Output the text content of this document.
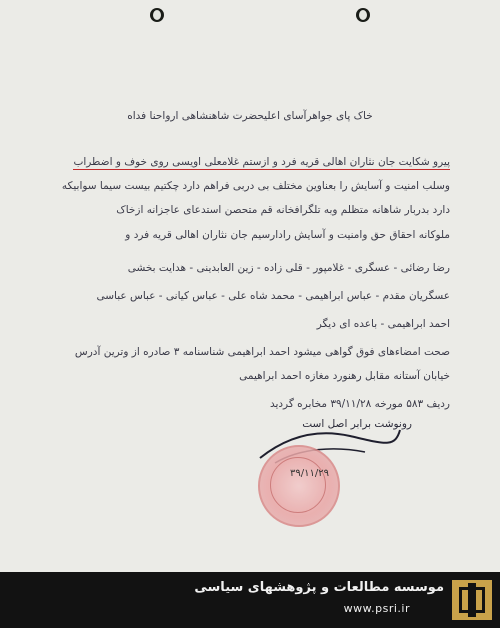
خاک پای جواهرآسای اعلیحضرت شاهنشاهی ارواحنا فداه
پیرو شکایت جان نثاران اهالی قریه فرد و ازستم غلامعلی اویسی روی خوف و اضطراب
وسلب امنیت و آسایش را بعناوین مختلف بی دربی فراهم دارد چکتیم بیست سیما سوابیکه
دارد بدربار شاهانه متظلم وبه تلگرافخانه قم متحصن استدعای عاجزانه ازخاک
ملوکانه احقاق حق وامنیت و آسایش رادارسیم جان نثاران اهالی قریه فرد و
رضا رضائی - عسگری - غلامپور - قلی زاده - زین العابدینی - هدایت بخشی
عسگریان مقدم - عباس ابراهیمی - محمد شاه علی - عباس کیانی - عباس عباسی
احمد ابراهیمی - باعده ای دیگر
صحت امضاءهای فوق گواهی میشود احمد ابراهیمی شناسنامه ۳ صادره از وترین آدرس
خیابان آستانه مقابل رهنورد مغازه احمد ابراهیمی
ردیف ۵۸۳ مورخه ۳۹/۱۱/۲۸ مخابره گردید
رونوشت برابر اصل است
۳۹/۱۱/۲۹
موسسه مطالعات و پژوهشهای سیاسی
www.psri.ir
